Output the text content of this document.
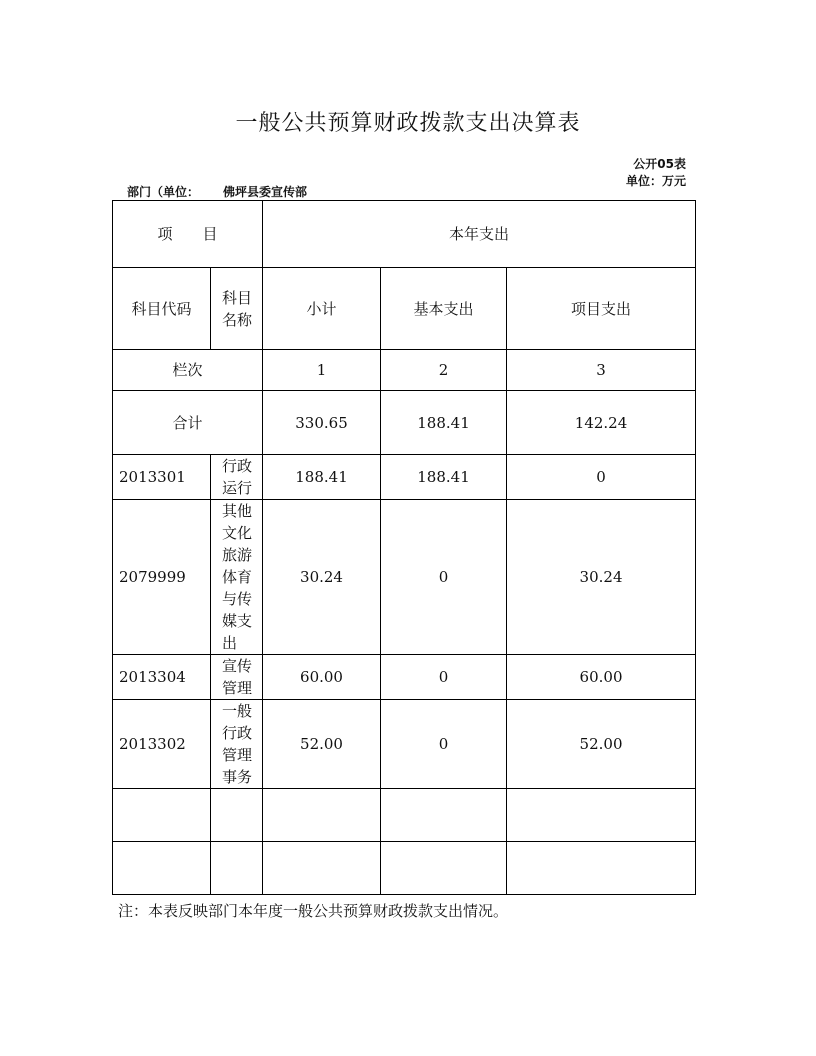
一般公共预算财政拨款支出决算表
公开05表
单位：万元
部门（单位： 佛坪县委宣传部
项　　目		本年支出		
科目代码	科目名称	小计	基本支出	项目支出
栏次		1	2	3
合计		330.65	188.41	142.24
2013301	行政运行	188.41	188.41	0
2079999	其他文化旅游体育与传媒支出	30.24	0	30.24
2013304	宣传管理	60.00	0	60.00
2013302	一般行政管理事务	52.00	0	52.00

注：本表反映部门本年度一般公共预算财政拨款支出情况。
